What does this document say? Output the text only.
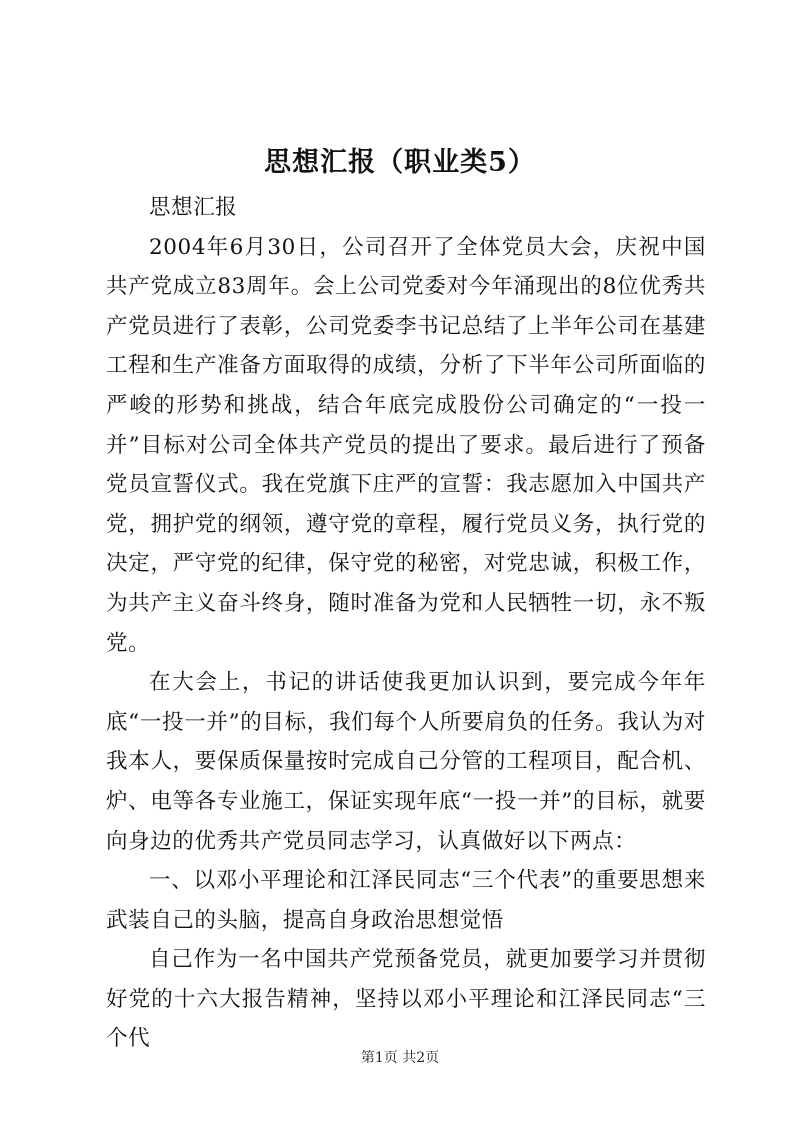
思想汇报（职业类5）

思想汇报

2004年6月30日，公司召开了全体党员大会，庆祝中国共产党成立83周年。会上公司党委对今年涌现出的8位优秀共产党员进行了表彰，公司党委李书记总结了上半年公司在基建工程和生产准备方面取得的成绩，分析了下半年公司所面临的严峻的形势和挑战，结合年底完成股份公司确定的“一投一并”目标对公司全体共产党员的提出了要求。最后进行了预备党员宣誓仪式。我在党旗下庄严的宣誓：我志愿加入中国共产党，拥护党的纲领，遵守党的章程，履行党员义务，执行党的决定，严守党的纪律，保守党的秘密，对党忠诚，积极工作，为共产主义奋斗终身，随时准备为党和人民牺牲一切，永不叛党。

在大会上，书记的讲话使我更加认识到，要完成今年年底“一投一并”的目标，我们每个人所要肩负的任务。我认为对我本人，要保质保量按时完成自己分管的工程项目，配合机、炉、电等各专业施工，保证实现年底“一投一并”的目标，就要向身边的优秀共产党员同志学习，认真做好以下两点：

一、以邓小平理论和江泽民同志“三个代表”的重要思想来武装自己的头脑，提高自身政治思想觉悟

自己作为一名中国共产党预备党员，就更加要学习并贯彻好党的十六大报告精神，坚持以邓小平理论和江泽民同志“三个代

第1页 共2页
